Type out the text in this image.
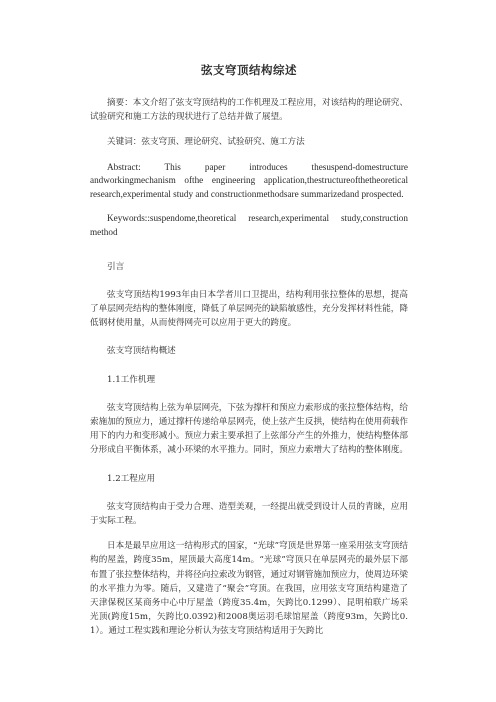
弦支穹顶结构综述

摘要：本文介绍了弦支穹顶结构的工作机理及工程应用，对该结构的理论研究、试验研究和施工方法的现状进行了总结并做了展望。

关键词：弦支穹顶、理论研究、试验研究、施工方法

Abstract: This paper introduces thesuspend-domestructure andworkingmechanism ofthe engineering application,thestructureofthetheoretical research,experimental study and constructionmethodsare summarizedand prospected.

Keywords::suspendome,theoretical research,experimental study,construction method

引言

弦支穹顶结构1993年由日本学者川口卫提出，结构利用张拉整体的思想，提高了单层网壳结构的整体刚度，降低了单层网壳的缺陷敏感性，充分发挥材料性能，降低钢材使用量，从而使得网壳可以应用于更大的跨度。

弦支穹顶结构概述

1.1工作机理

弦支穹顶结构上弦为单层网壳，下弦为撑杆和预应力索形成的张拉整体结构，给索施加的预应力，通过撑杆传递给单层网壳，使上弦产生反拱，使结构在使用荷载作用下的内力和变形减小。预应力索主要承担了上弦部分产生的外推力，使结构整体部分形成自平衡体系，减小环梁的水平推力。同时，预应力索增大了结构的整体刚度。

1.2工程应用

弦支穹顶结构由于受力合理、造型美观，一经提出就受到设计人员的青睐，应用于实际工程。

日本是最早应用这一结构形式的国家，“光球”穹顶是世界第一座采用弦支穹顶结构的屋盖，跨度35m，屋顶最大高度14m。“光球”穹顶只在单层网壳的最外层下部布置了张拉整体结构，并将径向拉索改为钢管，通过对钢管施加预应力，使周边环梁的水平推力为零。随后，又建造了“聚会”穹顶。在我国，应用弦支穹顶结构建造了天津保税区某商务中心中厅屋盖（跨度35.4m，矢跨比0.1299）、昆明柏联广场采光顶(跨度15m，矢跨比0.0392)和2008奥运羽毛球馆屋盖（跨度93m，矢跨比0.1）。通过工程实践和理论分析认为弦支穹顶结构适用于矢跨比
